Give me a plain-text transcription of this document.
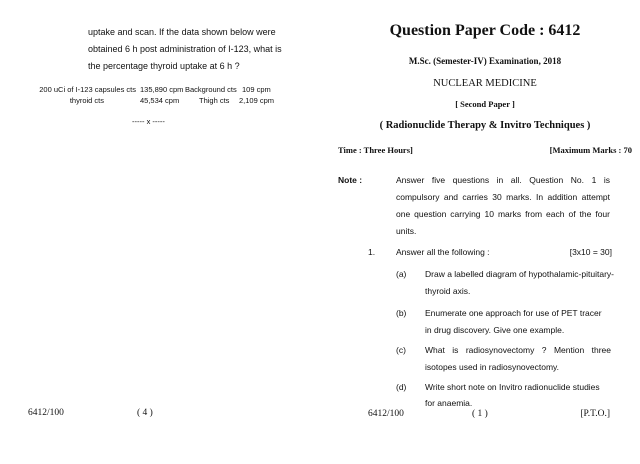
uptake and scan. If the data shown below were
obtained 6 h post administration of I-123, what is
the percentage thyroid uptake at 6 h ?
200 uCi of I-123 capsules cts 135,890 cpm Background cts 109 cpm
thyroid cts	45,534 cpm	Thigh cts 2,109 cpm
----- x -----
6412/100	( 4 )
Question Paper Code : 6412
M.Sc. (Semester-IV) Examination, 2018
NUCLEAR MEDICINE
[ Second Paper ]
( Radionuclide Therapy & Invitro Techniques )
Time : Three Hours]	[Maximum Marks : 70
Note :	Answer five questions in all. Question No. 1 is
compulsory and carries 30 marks. In addition attempt
one question carrying 10 marks from each of the four
units.
1. Answer all the following :	[3x10 = 30]
(a) Draw a labelled diagram of hypothalamic-pituitary-
thyroid axis.
(b) Enumerate one approach for use of PET tracer
in drug discovery. Give one example.
(c) What is radiosynovectomy ? Mention three
isotopes used in radiosynovectomy.
(d) Write short note on Invitro radionuclide studies
for anaemia.
6412/100	( 1 )	[P.T.O.]
